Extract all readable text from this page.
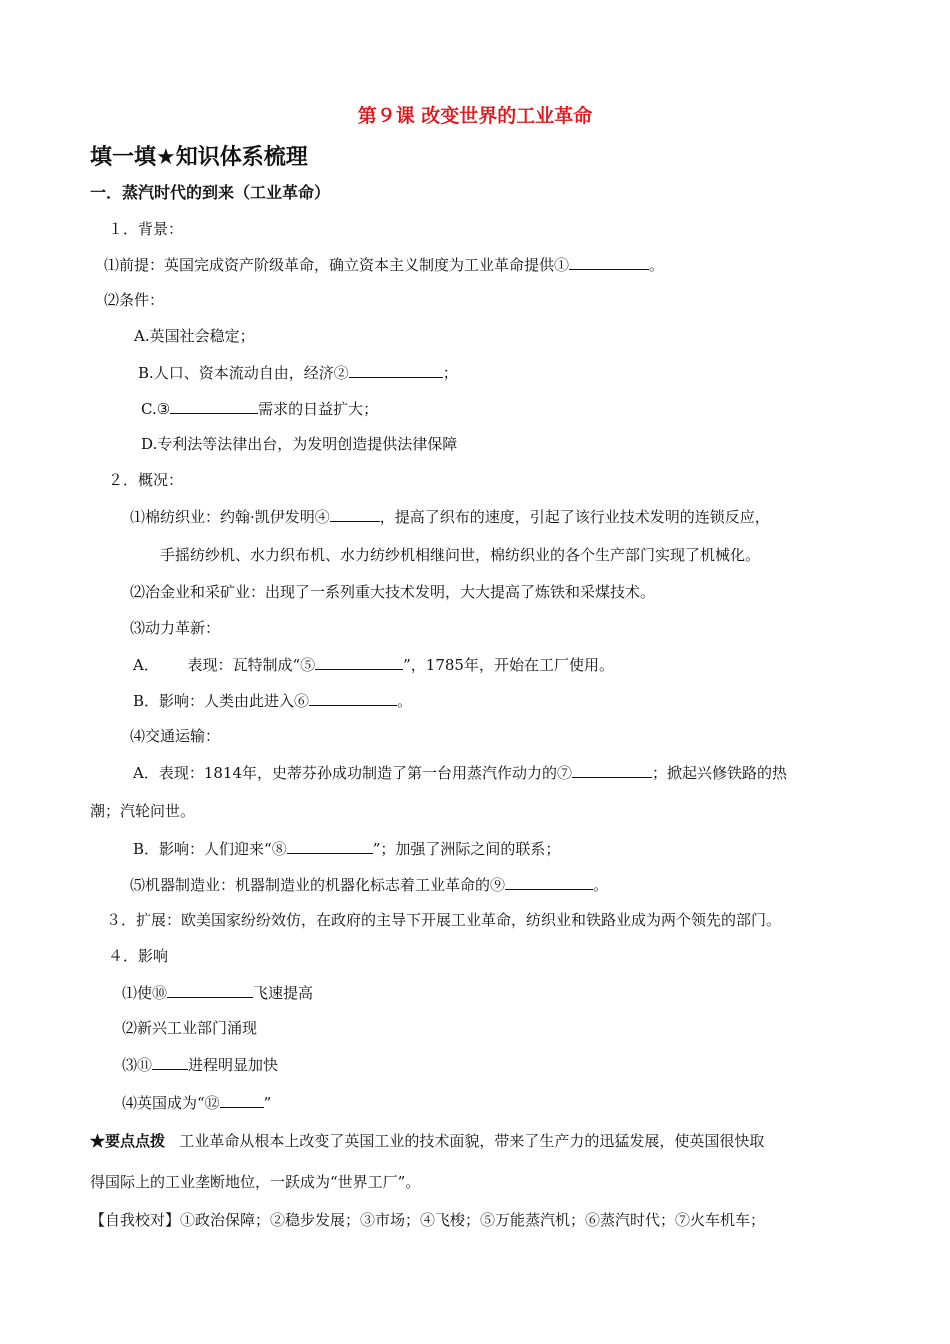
第９课 改变世界的工业革命
填一填★知识体系梳理
一．蒸汽时代的到来（工业革命）
１．背景：
⑴前提：英国完成资产阶级革命，确立资本主义制度为工业革命提供①	。
⑵条件：
A.英国社会稳定；
B.人口、资本流动自由，经济②	；
C.③	需求的日益扩大；
D.专利法等法律出台，为发明创造提供法律保障
２．概况：
⑴棉纺织业：约翰·凯伊发明④	，提高了织布的速度，引起了该行业技术发明的连锁反应，
手摇纺纱机、水力织布机、水力纺纱机相继问世，棉纺织业的各个生产部门实现了机械化。
⑵冶金业和采矿业：出现了一系列重大技术发明，大大提高了炼铁和采煤技术。
⑶动力革新：
A．      表现：瓦特制成“⑤	”，1785年，开始在工厂使用。
B．影响：人类由此进入⑥	。
⑷交通运输：
A．表现：1814年，史蒂芬孙成功制造了第一台用蒸汽作动力的⑦	；掀起兴修铁路的热
潮；汽轮问世。
B．影响：人们迎来“⑧	”；加强了洲际之间的联系；
⑸机器制造业：机器制造业的机器化标志着工业革命的⑨	。
３．扩展：欧美国家纷纷效仿，在政府的主导下开展工业革命，纺织业和铁路业成为两个领先的部门。
４．影响
⑴使⑩	飞速提高
⑵新兴工业部门涌现
⑶⑪ 进程明显加快
⑷英国成为“⑫	”
★要点点拨 工业革命从根本上改变了英国工业的技术面貌，带来了生产力的迅猛发展，使英国很快取
得国际上的工业垄断地位，一跃成为“世界工厂”。
【自我校对】①政治保障；②稳步发展；③市场；④飞梭；⑤万能蒸汽机；⑥蒸汽时代；⑦火车机车；
